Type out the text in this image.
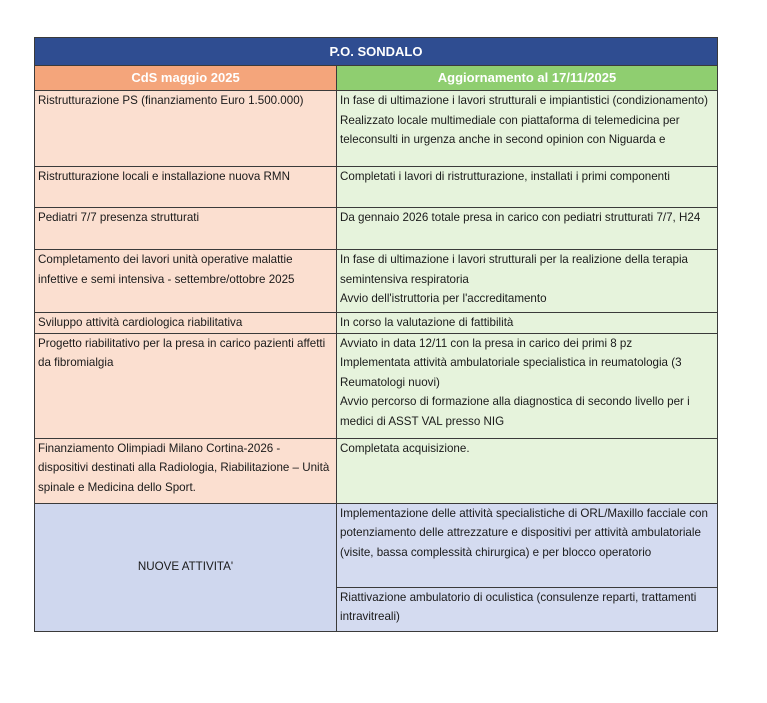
P.O. SONDALO	
CdS maggio 2025	Aggiornamento al 17/11/2025
Ristrutturazione PS (finanziamento Euro 1.500.000)	In fase di ultimazione i lavori strutturali e impiantistici (condizionamento)
Realizzato locale multimediale con piattaforma di telemedicina per teleconsulti in urgenza anche in second opinion con Niguarda e

Ristrutturazione locali e installazione nuova RMN	Completati i lavori di ristrutturazione, installati i primi componenti

Pediatri 7/7 presenza strutturati	Da gennaio 2026 totale presa in carico con pediatri strutturati 7/7, H24

Completamento dei lavori unità operative malattie infettive e semi intensiva - settembre/ottobre 2025	In fase di ultimazione i lavori strutturali per la realizione della terapia semintensiva respiratoria
Avvio dell'istruttoria per l'accreditamento

Sviluppo attività cardiologica riabilitativa	In corso la valutazione di fattibilità

Progetto riabilitativo per la presa in carico pazienti affetti da fibromialgia	Avviato in data 12/11 con la presa in carico dei primi 8 pz
Implementata attività ambulatoriale specialistica in reumatologia (3 Reumatologi nuovi)
Avvio percorso di formazione alla diagnostica di secondo livello per i medici di ASST VAL presso NIG

Finanziamento Olimpiadi Milano Cortina-2026 - dispositivi destinati alla Radiologia, Riabilitazione – Unità spinale e Medicina dello Sport.	Completata acquisizione.

NUOVE ATTIVITA'	Implementazione delle attività specialistiche di ORL/Maxillo facciale con potenziamento delle attrezzature e dispositivi per attività ambulatoriale (visite, bassa complessità chirurgica) e per blocco operatorio
	Riattivazione ambulatorio di oculistica (consulenze reparti, trattamenti intravitreali)
